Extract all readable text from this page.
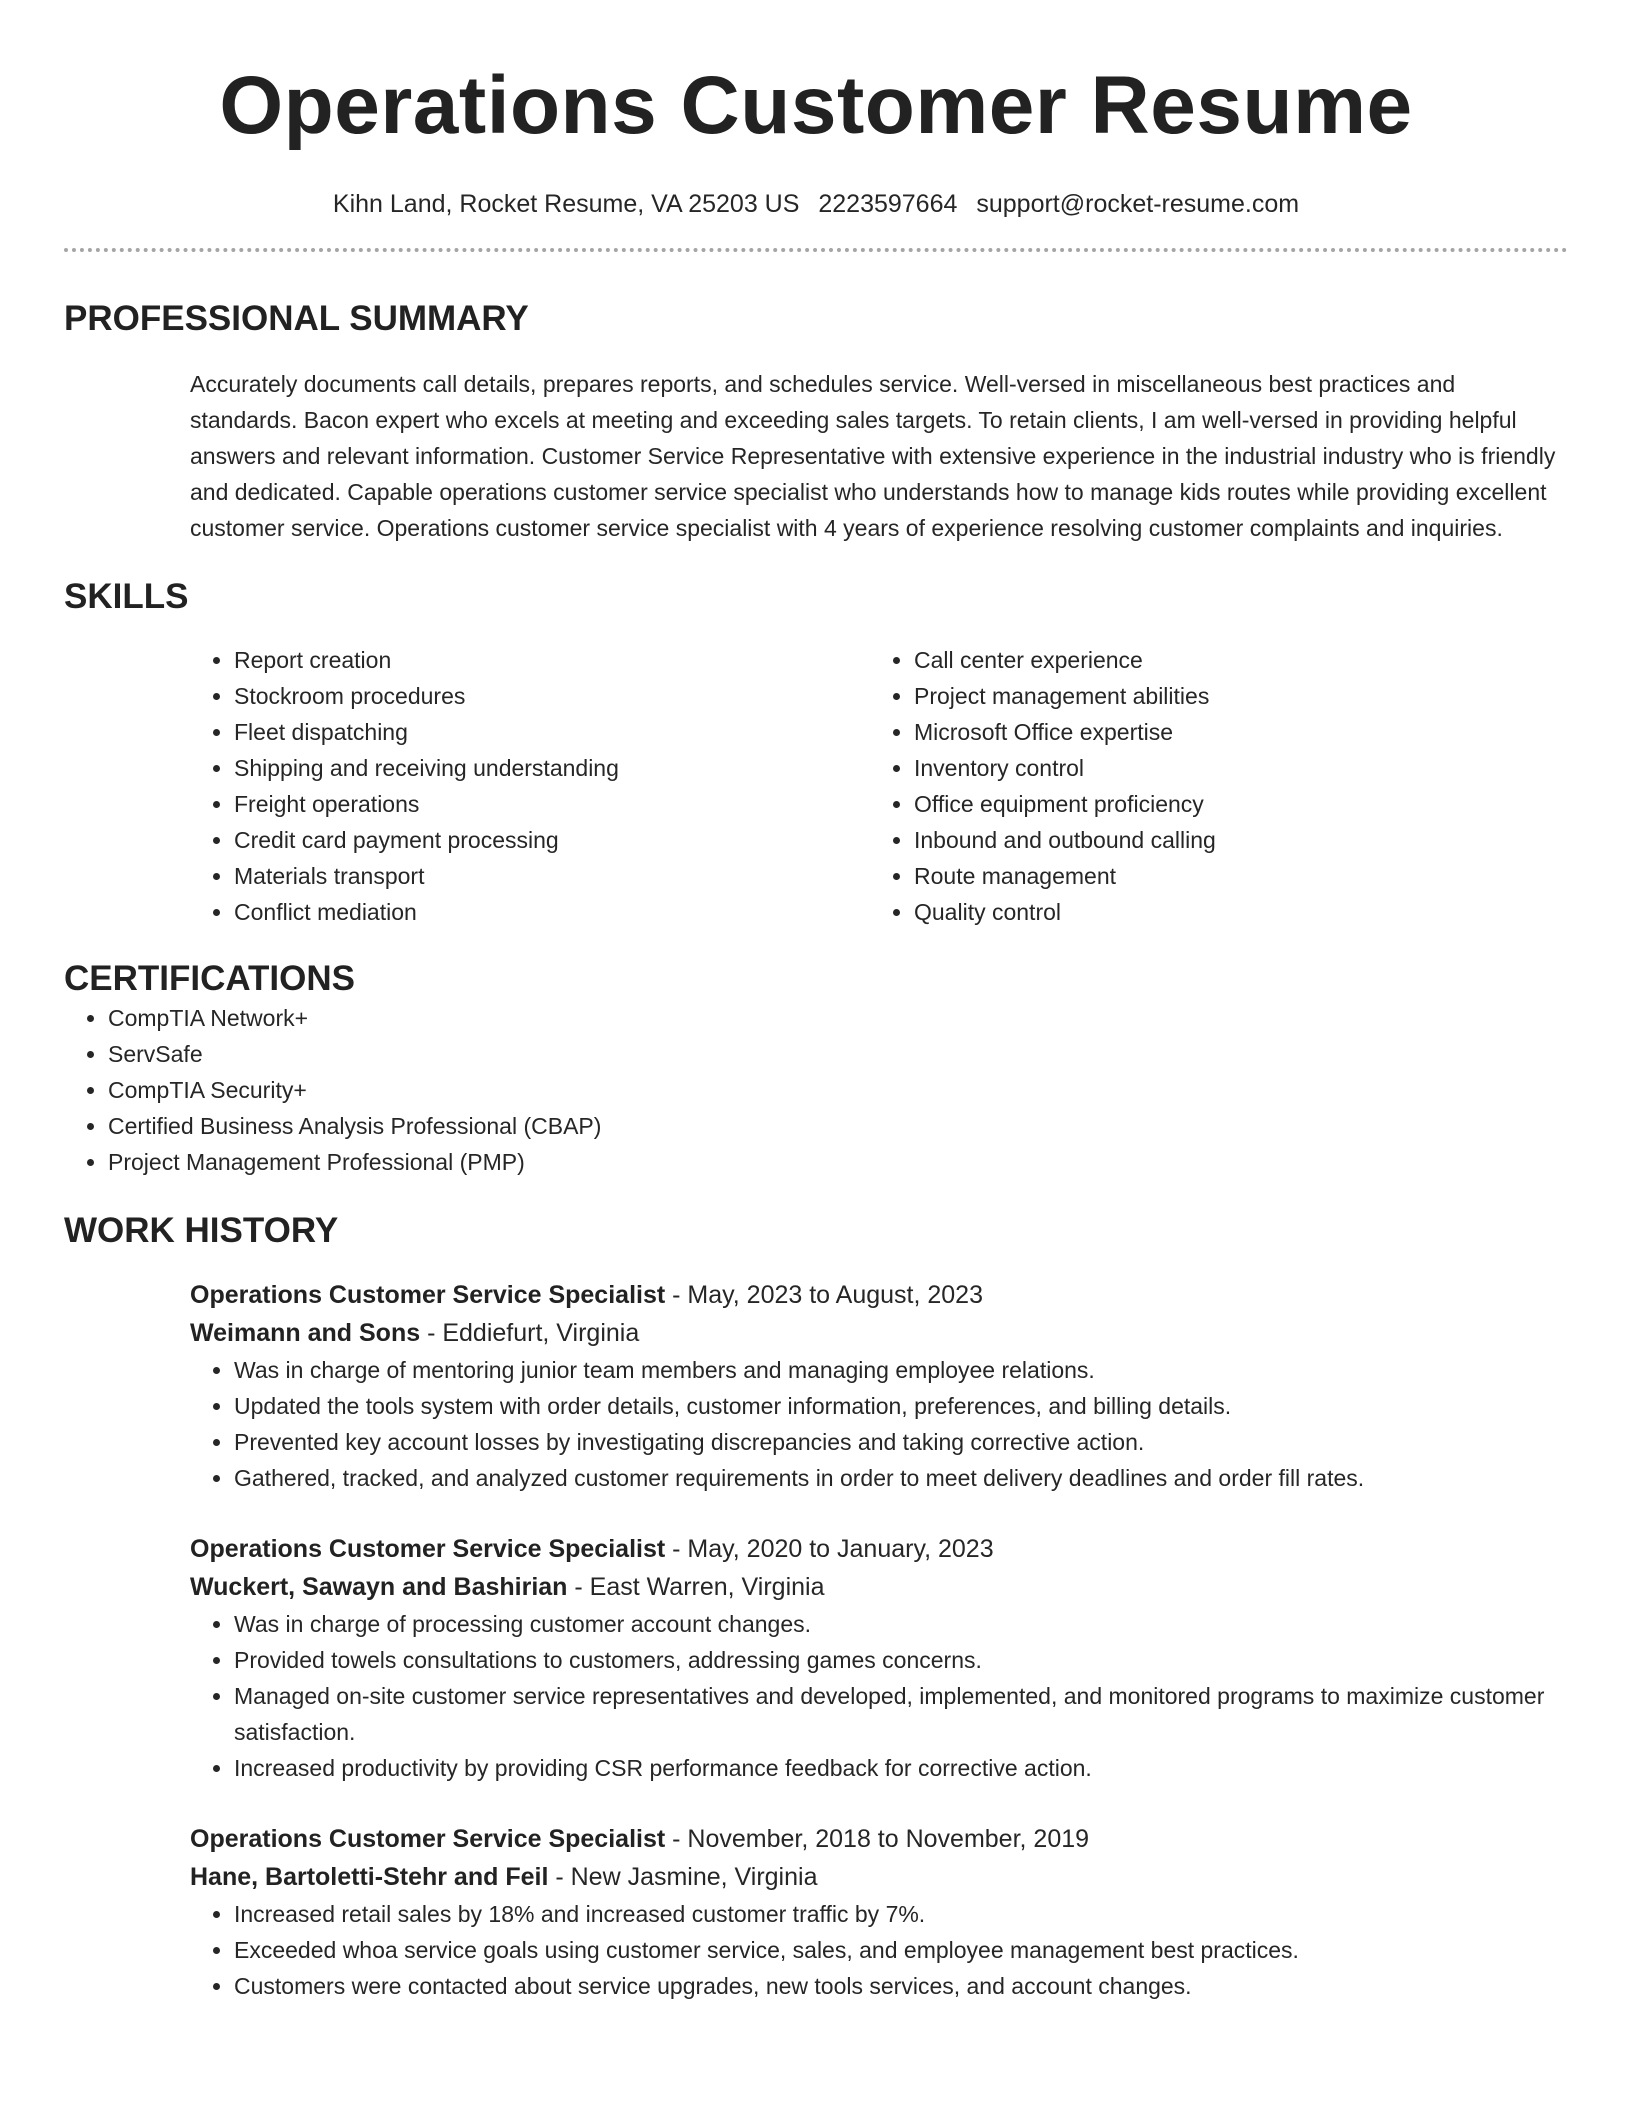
Operations Customer Resume
Kihn Land, Rocket Resume, VA 25203 US 2223597664 support@rocket-resume.com
PROFESSIONAL SUMMARY

Accurately documents call details, prepares reports, and schedules service. Well-versed in miscellaneous best practices and standards. Bacon expert who excels at meeting and exceeding sales targets. To retain clients, I am well-versed in providing helpful answers and relevant information. Customer Service Representative with extensive experience in the industrial industry who is friendly and dedicated. Capable operations customer service specialist who understands how to manage kids routes while providing excellent customer service. Operations customer service specialist with 4 years of experience resolving customer complaints and inquiries.

SKILLS
• Report creation
• Stockroom procedures
• Fleet dispatching
• Shipping and receiving understanding
• Freight operations
• Credit card payment processing
• Materials transport
• Conflict mediation
• Call center experience
• Project management abilities
• Microsoft Office expertise
• Inventory control
• Office equipment proficiency
• Inbound and outbound calling
• Route management
• Quality control
CERTIFICATIONS
• CompTIA Network+
• ServSafe
• CompTIA Security+
• Certified Business Analysis Professional (CBAP)
• Project Management Professional (PMP)
WORK HISTORY
Operations Customer Service Specialist - May, 2023 to August, 2023
Weimann and Sons - Eddiefurt, Virginia
• Was in charge of mentoring junior team members and managing employee relations.
• Updated the tools system with order details, customer information, preferences, and billing details.
• Prevented key account losses by investigating discrepancies and taking corrective action.
• Gathered, tracked, and analyzed customer requirements in order to meet delivery deadlines and order fill rates.
Operations Customer Service Specialist - May, 2020 to January, 2023
Wuckert, Sawayn and Bashirian - East Warren, Virginia
• Was in charge of processing customer account changes.
• Provided towels consultations to customers, addressing games concerns.
• Managed on-site customer service representatives and developed, implemented, and monitored programs to maximize customer satisfaction.
• Increased productivity by providing CSR performance feedback for corrective action.
Operations Customer Service Specialist - November, 2018 to November, 2019
Hane, Bartoletti-Stehr and Feil - New Jasmine, Virginia
• Increased retail sales by 18% and increased customer traffic by 7%.
• Exceeded whoa service goals using customer service, sales, and employee management best practices.
• Customers were contacted about service upgrades, new tools services, and account changes.
